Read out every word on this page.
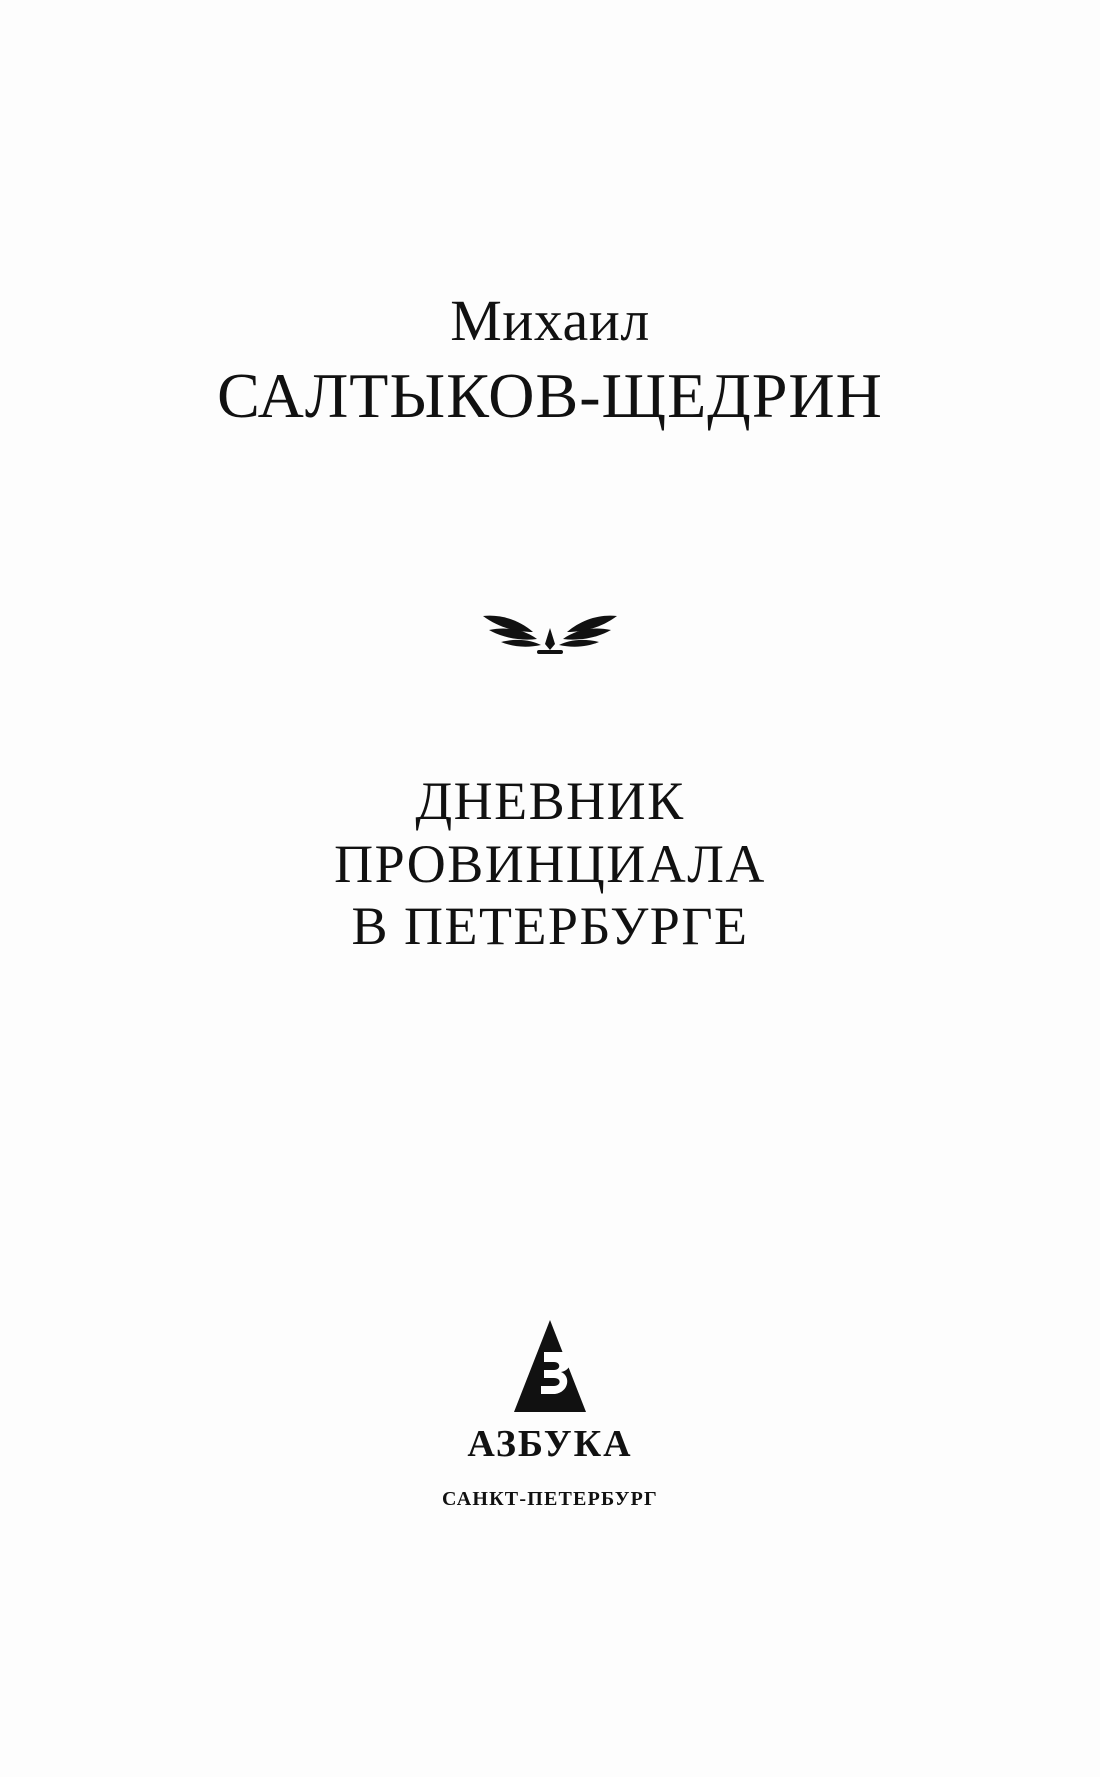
Михаил
САЛТЫКОВ-ЩЕДРИН
ДНЕВНИК
ПРОВИНЦИАЛА
В ПЕТЕРБУРГЕ
АЗБУКА
САНКТ-ПЕТЕРБУРГ
